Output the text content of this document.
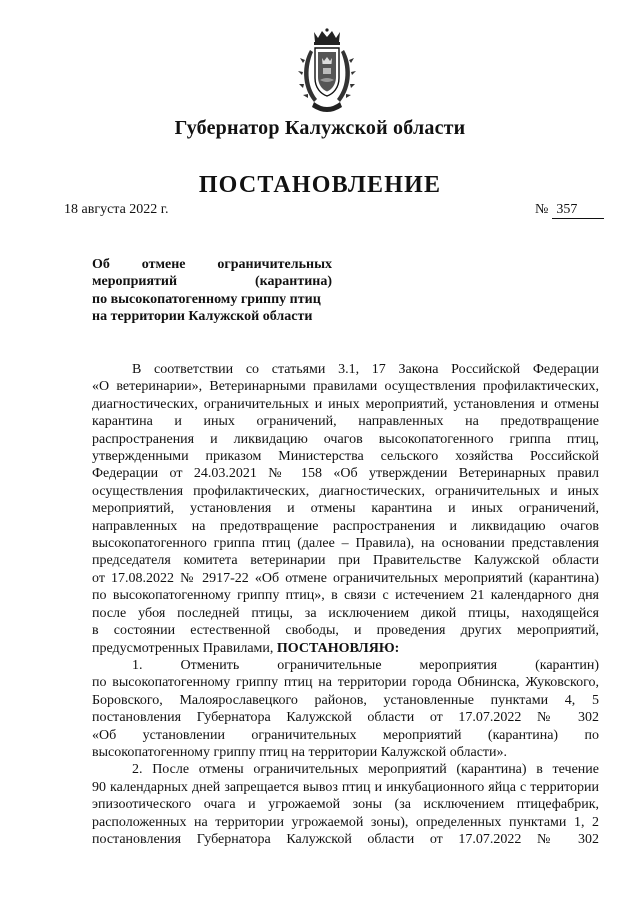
Губернатор Калужской области
ПОСТАНОВЛЕНИЕ
18 августа 2022 г.	№ 357
Об отмене ограничительных
мероприятий (карантина)
по высокопатогенному гриппу птиц
на территории Калужской области
В соответствии со статьями 3.1, 17 Закона Российской Федерации
«О ветеринарии», Ветеринарными правилами осуществления профилактических,
диагностических, ограничительных и иных мероприятий, установления и отмены
карантина и иных ограничений, направленных на предотвращение
распространения и ликвидацию очагов высокопатогенного гриппа птиц,
утвержденными приказом Министерства сельского хозяйства Российской
Федерации от 24.03.2021 № 158 «Об утверждении Ветеринарных правил
осуществления профилактических, диагностических, ограничительных и иных
мероприятий, установления и отмены карантина и иных ограничений,
направленных на предотвращение распространения и ликвидацию очагов
высокопатогенного гриппа птиц (далее – Правила), на основании представления
председателя комитета ветеринарии при Правительстве Калужской области
от 17.08.2022 № 2917-22 «Об отмене ограничительных мероприятий (карантина)
по высокопатогенному гриппу птиц», в связи с истечением 21 календарного дня
после убоя последней птицы, за исключением дикой птицы, находящейся
в состоянии естественной свободы, и проведения других мероприятий,
предусмотренных Правилами, ПОСТАНОВЛЯЮ:
1. Отменить ограничительные мероприятия (карантин)
по высокопатогенному гриппу птиц на территории города Обнинска, Жуковского,
Боровского, Малоярославецкого районов, установленные пунктами 4, 5
постановления Губернатора Калужской области от 17.07.2022 № 302
«Об установлении ограничительных мероприятий (карантина) по
высокопатогенному гриппу птиц на территории Калужской области».
2. После отмены ограничительных мероприятий (карантина) в течение
90 календарных дней запрещается вывоз птиц и инкубационного яйца с территории
эпизоотического очага и угрожаемой зоны (за исключением птицефабрик,
расположенных на территории угрожаемой зоны), определенных пунктами 1, 2
постановления Губернатора Калужской области от 17.07.2022 № 302
